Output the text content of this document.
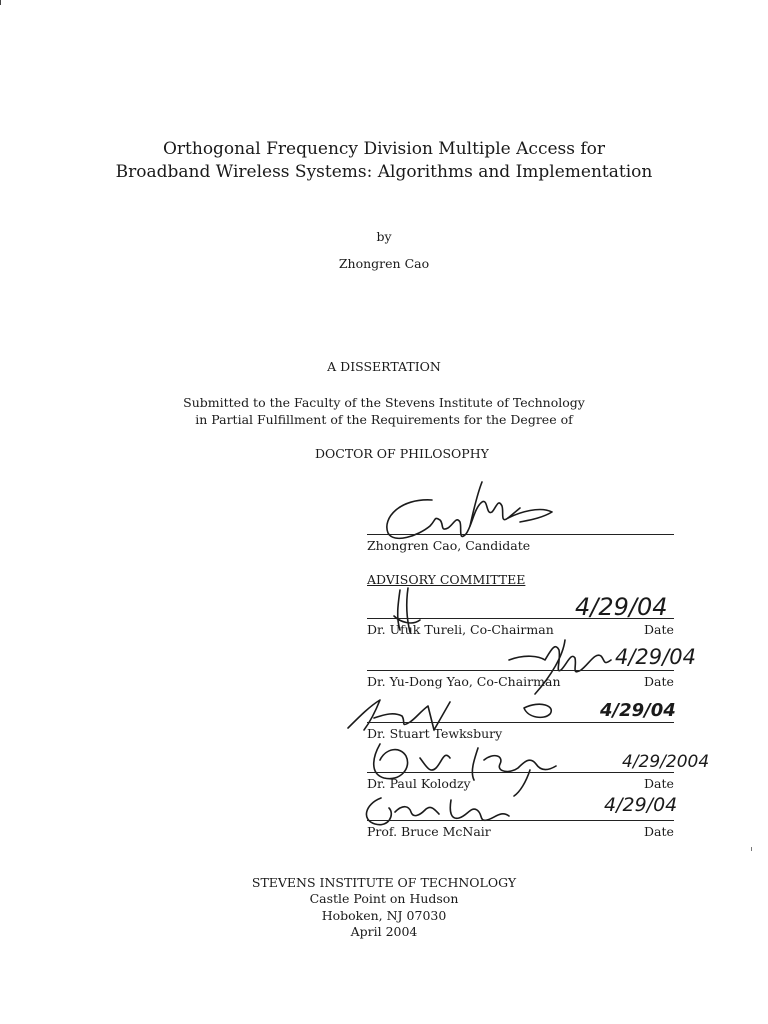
Orthogonal Frequency Division Multiple Access for
Broadband Wireless Systems: Algorithms and Implementation
by
Zhongren Cao
A DISSERTATION
Submitted to the Faculty of the Stevens Institute of Technology
in Partial Fulfillment of the Requirements for the Degree of
DOCTOR OF PHILOSOPHY
Zhongren Cao, Candidate
ADVISORY COMMITTEE
4/29/04
Dr. Ufuk Tureli, Co-Chairman	Date
4/29/04
Dr. Yu-Dong Yao, Co-Chairman	Date
4/29/04
Dr. Stuart Tewksbury
4/29/2004
Dr. Paul Kolodzy	Date
4/29/04
Prof. Bruce McNair	Date
STEVENS INSTITUTE OF TECHNOLOGY
Castle Point on Hudson
Hoboken, NJ 07030
April 2004
